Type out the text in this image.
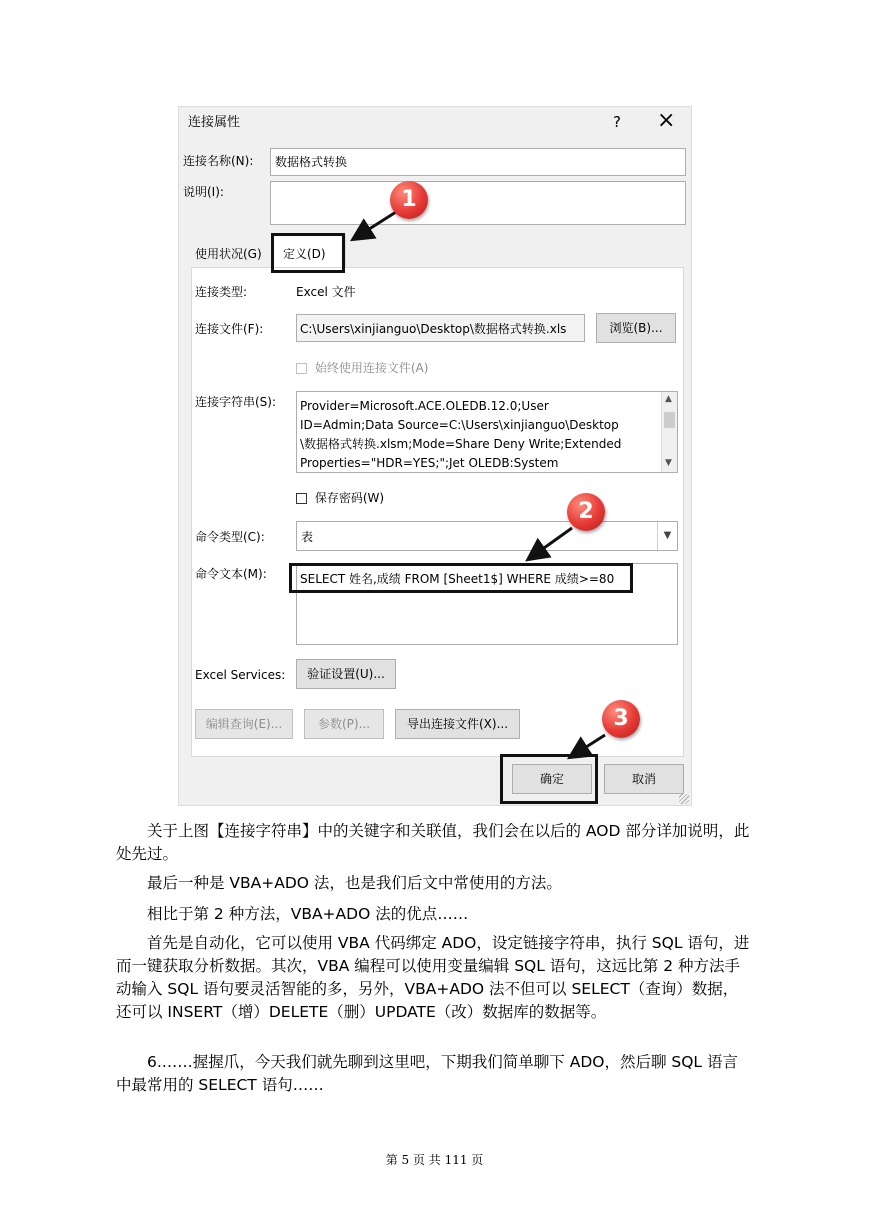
连接属性	? ×
连接名称(N): 数据格式转换
说明(I):
使用状况(G) 定义(D)
连接类型:	Excel 文件
连接文件(F):	C:\Users\xinjianguo\Desktop\数据格式转换.xls	浏览(B)...
始终使用连接文件(A)
连接字符串(S): Provider=Microsoft.ACE.OLEDB.12.0;User
ID=Admin;Data Source=C:\Users\xinjianguo\Desktop
\数据格式转换.xlsm;Mode=Share Deny Write;Extended
Properties="HDR=YES;";Jet OLEDB:System
▲
▼
保存密码(W)
命令类型(C):	表	▼
命令文本(M):	SELECT 姓名,成绩 FROM [Sheet1$] WHERE 成绩>=80
Excel Services:	验证设置(U)...
编辑查询(E)...	参数(P)...	导出连接文件(X)...
确定	取消
1
2
3
关于上图【连接字符串】中的关键字和关联值，我们会在以后的 AOD 部分详加说明，此处先过。
最后一种是 VBA+ADO 法，也是我们后文中常使用的方法。
相比于第 2 种方法，VBA+ADO 法的优点……
首先是自动化，它可以使用 VBA 代码绑定 ADO，设定链接字符串，执行 SQL 语句，进而一键获取分析数据。其次，VBA 编程可以使用变量编辑 SQL 语句，这远比第 2 种方法手动输入 SQL 语句要灵活智能的多，另外，VBA+ADO 法不但可以 SELECT（查询）数据，还可以 INSERT（增）DELETE（删）UPDATE（改）数据库的数据等。
6.……握握爪，今天我们就先聊到这里吧，下期我们简单聊下 ADO，然后聊 SQL 语言中最常用的 SELECT 语句……
第 5 页 共 111 页
